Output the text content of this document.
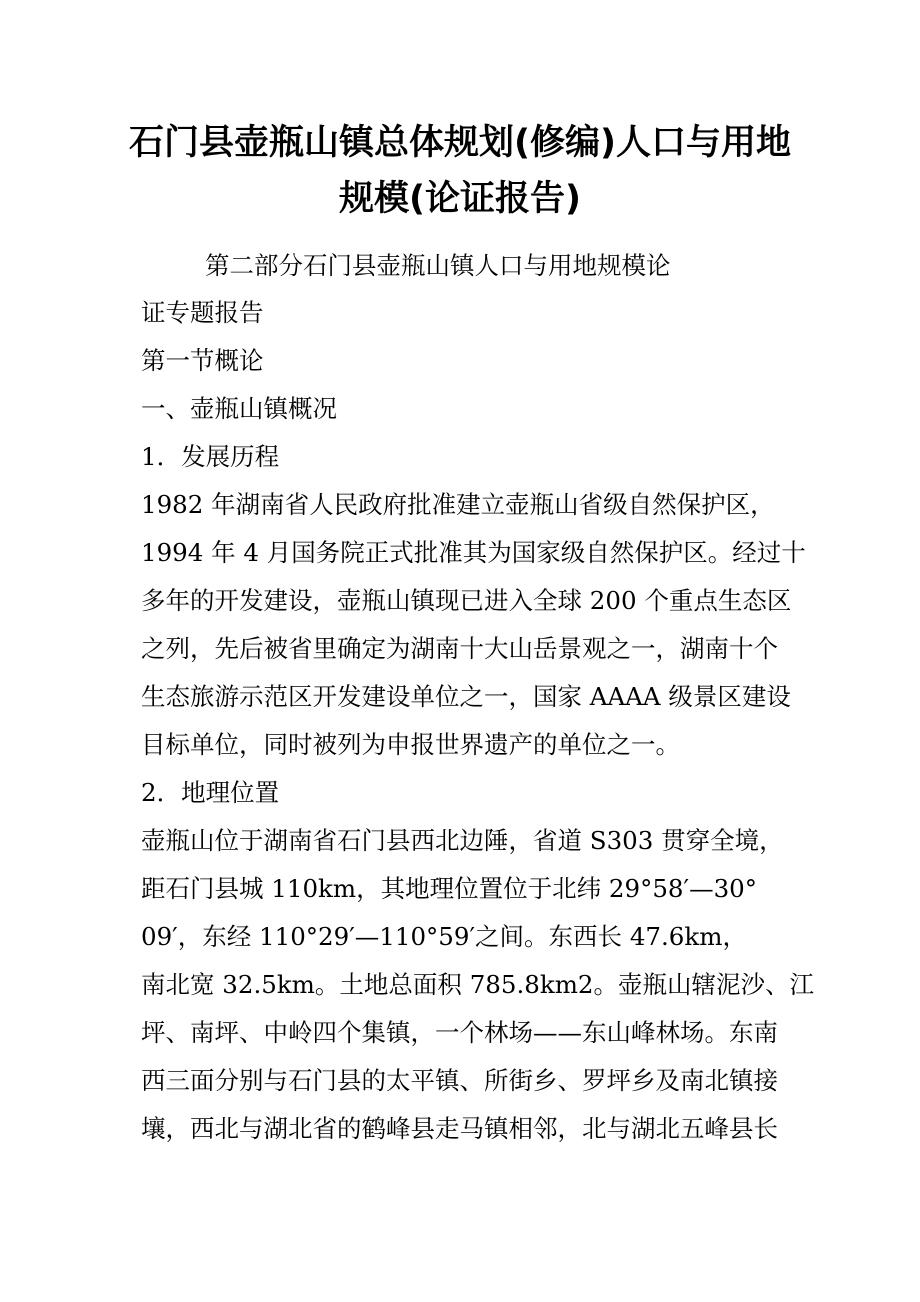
石门县壶瓶山镇总体规划(修编)人口与用地
规模(论证报告)

第二部分石门县壶瓶山镇人口与用地规模论

证专题报告

第一节概论

一、壶瓶山镇概况

1．发展历程

1982 年湖南省人民政府批准建立壶瓶山省级自然保护区，

1994 年 4 月国务院正式批准其为国家级自然保护区。经过十

多年的开发建设，壶瓶山镇现已进入全球 200 个重点生态区

之列，先后被省里确定为湖南十大山岳景观之一，湖南十个

生态旅游示范区开发建设单位之一，国家 AAAA 级景区建设

目标单位，同时被列为申报世界遗产的单位之一。

2．地理位置

壶瓶山位于湖南省石门县西北边陲，省道 S303 贯穿全境，

距石门县城 110km，其地理位置位于北纬 29°58′—30°

09′，东经 110°29′—110°59′之间。东西长 47.6km，

南北宽 32.5km。土地总面积 785.8km2。壶瓶山辖泥沙、江

坪、南坪、中岭四个集镇，一个林场——东山峰林场。东南

西三面分别与石门县的太平镇、所街乡、罗坪乡及南北镇接

壤，西北与湖北省的鹤峰县走马镇相邻，北与湖北五峰县长
